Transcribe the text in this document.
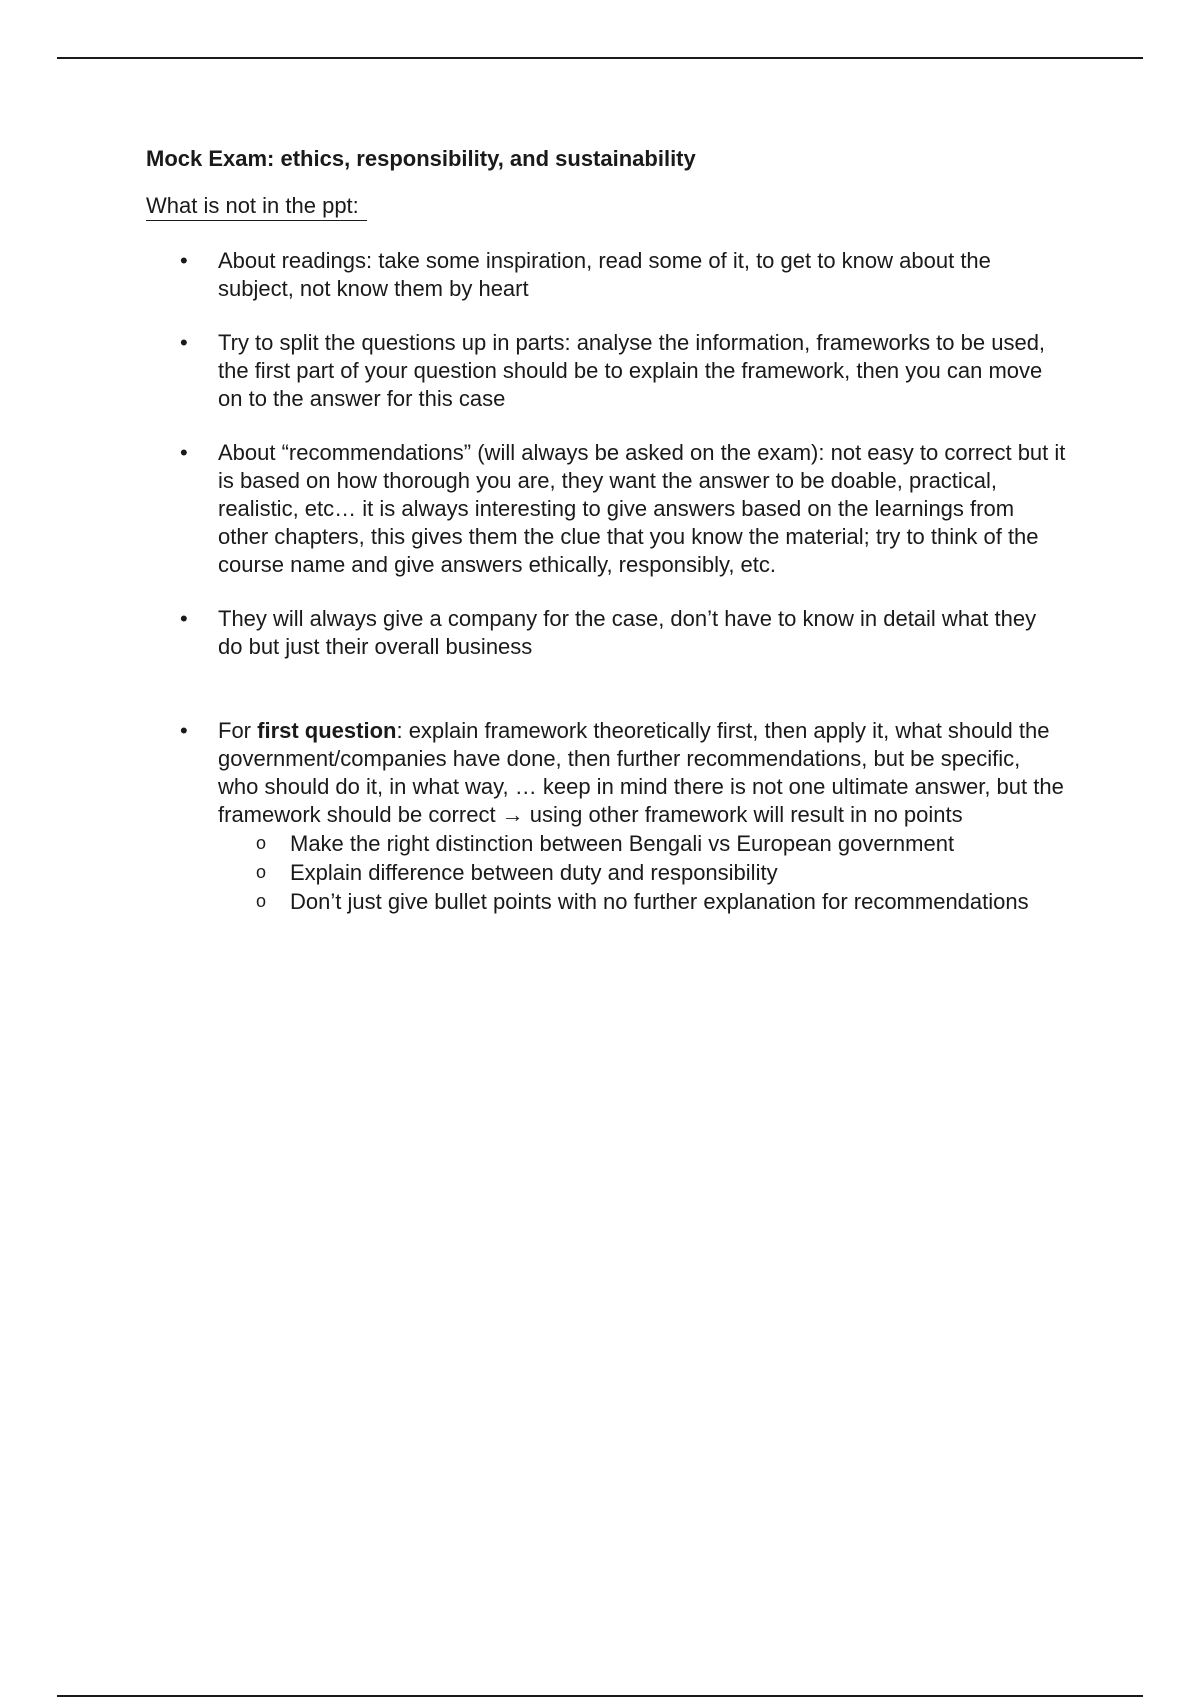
Mock Exam: ethics, responsibility, and sustainability
What is not in the ppt:
• About readings: take some inspiration, read some of it, to get to know about the subject, not know them by heart
• Try to split the questions up in parts: analyse the information, frameworks to be used, the first part of your question should be to explain the framework, then you can move on to the answer for this case
• About “recommendations” (will always be asked on the exam): not easy to correct but it is based on how thorough you are, they want the answer to be doable, practical, realistic, etc… it is always interesting to give answers based on the learnings from other chapters, this gives them the clue that you know the material; try to think of the course name and give answers ethically, responsibly, etc.
• They will always give a company for the case, don’t have to know in detail what they do but just their overall business
• For first question: explain framework theoretically first, then apply it, what should the government/companies have done, then further recommendations, but be specific, who should do it, in what way, … keep in mind there is not one ultimate answer, but the framework should be correct → using other framework will result in no points
o Make the right distinction between Bengali vs European government
o Explain difference between duty and responsibility
o Don’t just give bullet points with no further explanation for recommendations
